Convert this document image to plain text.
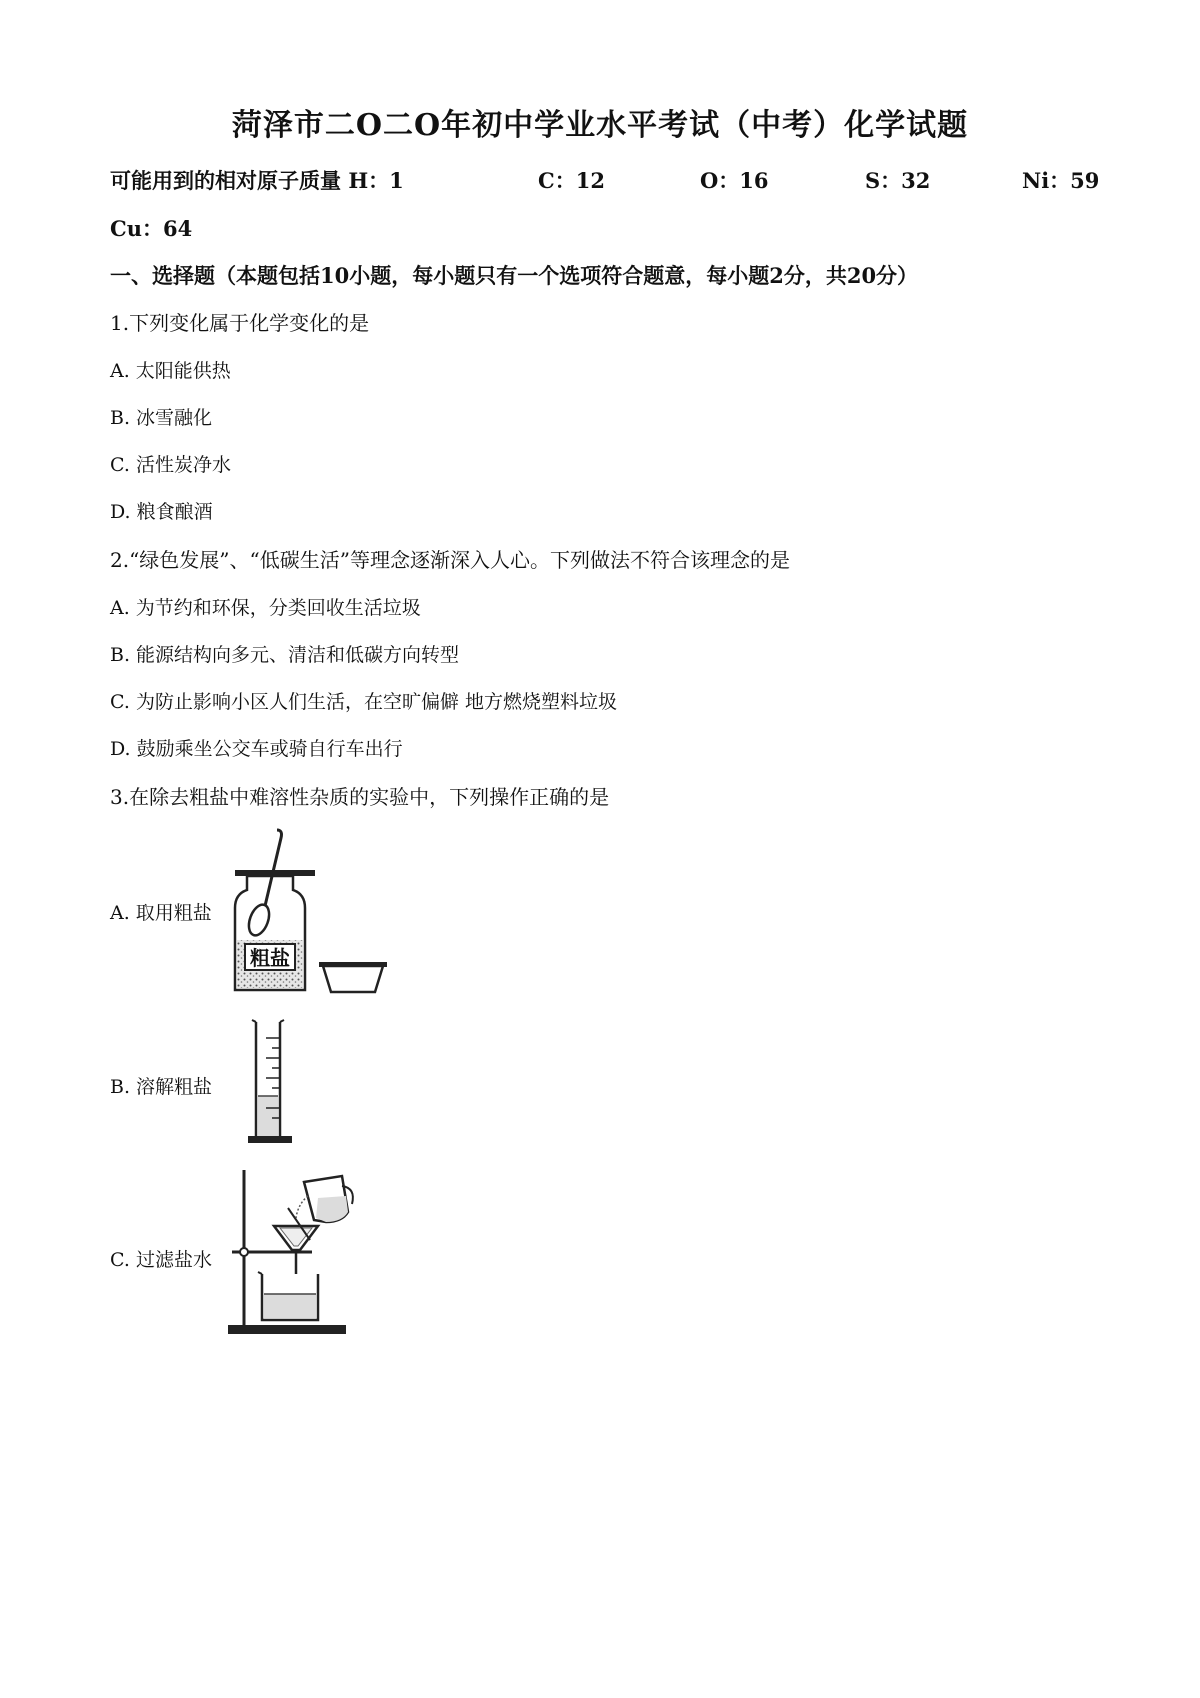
菏泽市二O二O年初中学业水平考试（中考）化学试题
可能用到的相对原子质量 H：1	C：12	O：16	S：32	Ni：59
Cu：64
一、选择题（本题包括10小题，每小题只有一个选项符合题意，每小题2分，共20分）
1.下列变化属于化学变化的是
A. 太阳能供热
B. 冰雪融化
C. 活性炭净水
D. 粮食酿酒
2.“绿色发展”、“低碳生活”等理念逐渐深入人心。下列做法不符合该理念的是
A. 为节约和环保，分类回收生活垃圾
B. 能源结构向多元、清洁和低碳方向转型
C. 为防止影响小区人们生活，在空旷偏僻 地方燃烧塑料垃圾
D. 鼓励乘坐公交车或骑自行车出行
3.在除去粗盐中难溶性杂质的实验中，下列操作正确的是
A. 取用粗盐
B. 溶解粗盐
C. 过滤盐水
粗盐
